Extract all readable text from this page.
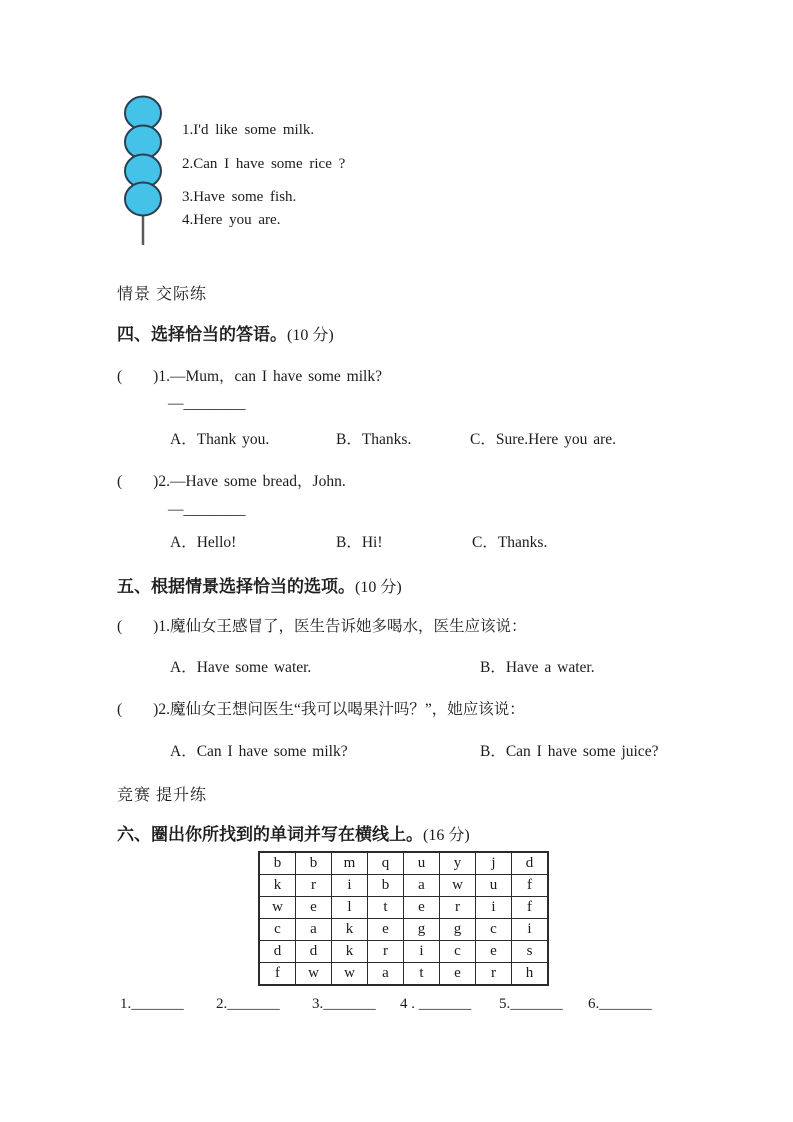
1.I'd like some milk.
2.Can I have some rice ?
3.Have some fish.
4.Here you are.
情景 交际练
四、选择恰当的答语。(10 分)
(　　)1.—Mum，can I have some milk?
—________
A．Thank you.	B．Thanks.	C．Sure.Here you are.
(　　)2.—Have some bread，John.
—________
A．Hello!	B．Hi!	C．Thanks.
五、根据情景选择恰当的选项。(10 分)
(　　)1.魔仙女王感冒了，医生告诉她多喝水，医生应该说：
A．Have some water.	B．Have a water.
(　　)2.魔仙女王想问医生“我可以喝果汁吗？”，她应该说：
A．Can I have some milk?	B．Can I have some juice?
竞赛 提升练
六、圈出你所找到的单词并写在横线上。(16 分)
b	b	m	q	u	y	j	d
k	r	i	b	a	w	u	f
w	e	l	t	e	r	i	f
c	a	k	e	g	g	c	i
d	d	k	r	i	c	e	s
f	w	w	a	t	e	r	h
1._______ 2._______ 3._______ 4 . _______ 5._______ 6._______
